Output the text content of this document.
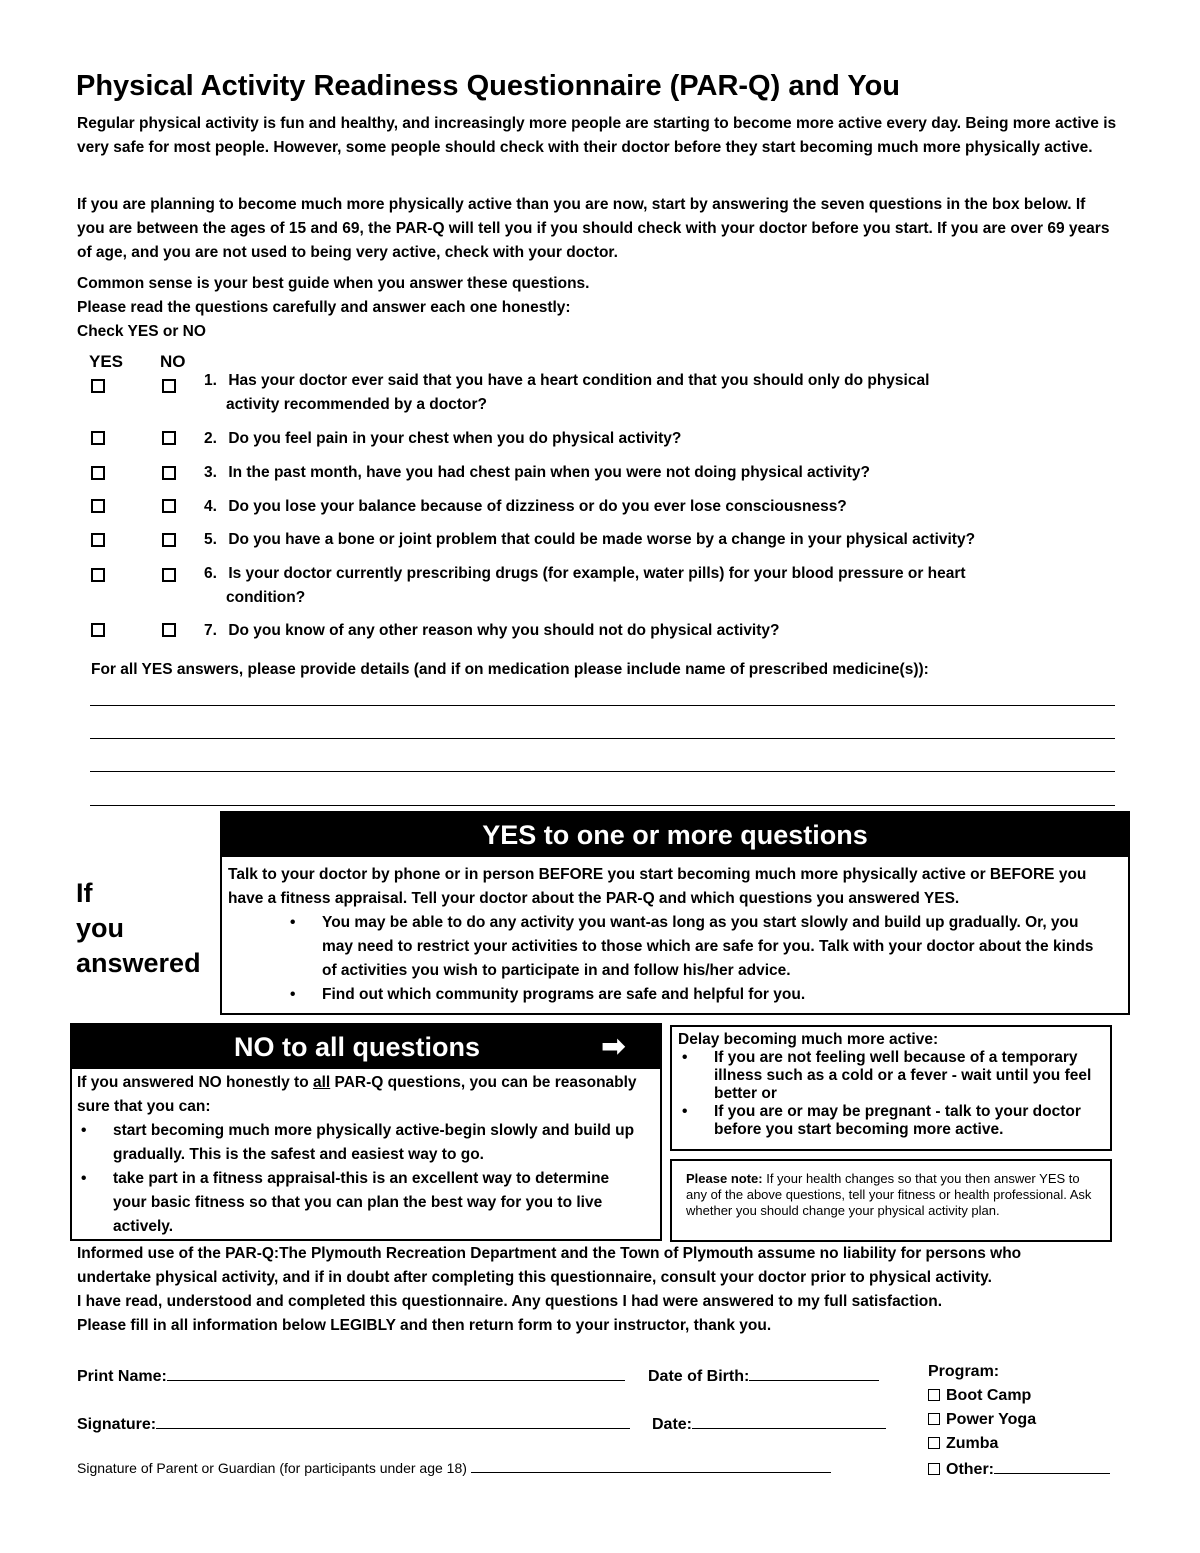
Physical Activity Readiness Questionnaire (PAR-Q) and You
Regular physical activity is fun and healthy, and increasingly more people are starting to become more active every day. Being more active is very safe for most people. However, some people should check with their doctor before they start becoming much more physically active.
If you are planning to become much more physically active than you are now, start by answering the seven questions in the box below. If you are between the ages of 15 and 69, the PAR-Q will tell you if you should check with your doctor before you start. If you are over 69 years of age, and you are not used to being very active, check with your doctor.
Common sense is your best guide when you answer these questions.
Please read the questions carefully and answer each one honestly:
Check YES or NO
YES NO
1. Has your doctor ever said that you have a heart condition and that you should only do physical
activity recommended by a doctor?
2. Do you feel pain in your chest when you do physical activity?
3. In the past month, have you had chest pain when you were not doing physical activity?
4. Do you lose your balance because of dizziness or do you ever lose consciousness?
5. Do you have a bone or joint problem that could be made worse by a change in your physical activity?
6. Is your doctor currently prescribing drugs (for example, water pills) for your blood pressure or heart
condition?
7. Do you know of any other reason why you should not do physical activity?
For all YES answers, please provide details (and if on medication please include name of prescribed medicine(s)):
If
you
answered
YES to one or more questions
Talk to your doctor by phone or in person BEFORE you start becoming much more physically active or BEFORE you have a fitness appraisal. Tell your doctor about the PAR-Q and which questions you answered YES.
• You may be able to do any activity you want-as long as you start slowly and build up gradually. Or, you may need to restrict your activities to those which are safe for you. Talk with your doctor about the kinds of activities you wish to participate in and follow his/her advice.
• Find out which community programs are safe and helpful for you.
NO to all questions	➡
If you answered NO honestly to all PAR-Q questions, you can be reasonably sure that you can:
• start becoming much more physically active-begin slowly and build up gradually. This is the safest and easiest way to go.
• take part in a fitness appraisal-this is an excellent way to determine your basic fitness so that you can plan the best way for you to live actively.
Delay becoming much more active:
• If you are not feeling well because of a temporary illness such as a cold or a fever - wait until you feel better or
• If you are or may be pregnant - talk to your doctor before you start becoming more active.
Please note: If your health changes so that you then answer YES to any of the above questions, tell your fitness or health professional. Ask whether you should change your physical activity plan.
Informed use of the PAR-Q:The Plymouth Recreation Department and the Town of Plymouth assume no liability for persons who
undertake physical activity, and if in doubt after completing this questionnaire, consult your doctor prior to physical activity.
I have read, understood and completed this questionnaire. Any questions I had were answered to my full satisfaction.
Please fill in all information below LEGIBLY and then return form to your instructor, thank you.
Print Name:	Date of Birth:
Signature:	Date:
Signature of Parent or Guardian (for participants under age 18)
Program:
Boot Camp
Power Yoga
Zumba
Other:
